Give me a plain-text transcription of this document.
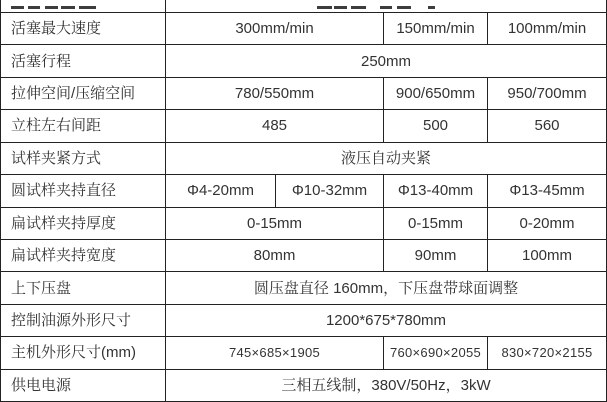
活塞最大速度	300mm/min	150mm/min	100mm/min
活塞行程	250mm
拉伸空间/压缩空间	780/550mm	900/650mm	950/700mm
立柱左右间距	485	500	560
试样夹紧方式	液压自动夹紧
圆试样夹持直径	Φ4-20mm	Φ10-32mm	Φ13-40mm	Φ13-45mm
扁试样夹持厚度	0-15mm	0-15mm	0-20mm
扁试样夹持宽度	80mm	90mm	100mm
上下压盘	圆压盘直径 160mm，下压盘带球面调整
控制油源外形尺寸	1200*675*780mm
主机外形尺寸(mm)	745×685×1905	760×690×2055	830×720×2155
供电电源	三相五线制，380V/50Hz，3kW
